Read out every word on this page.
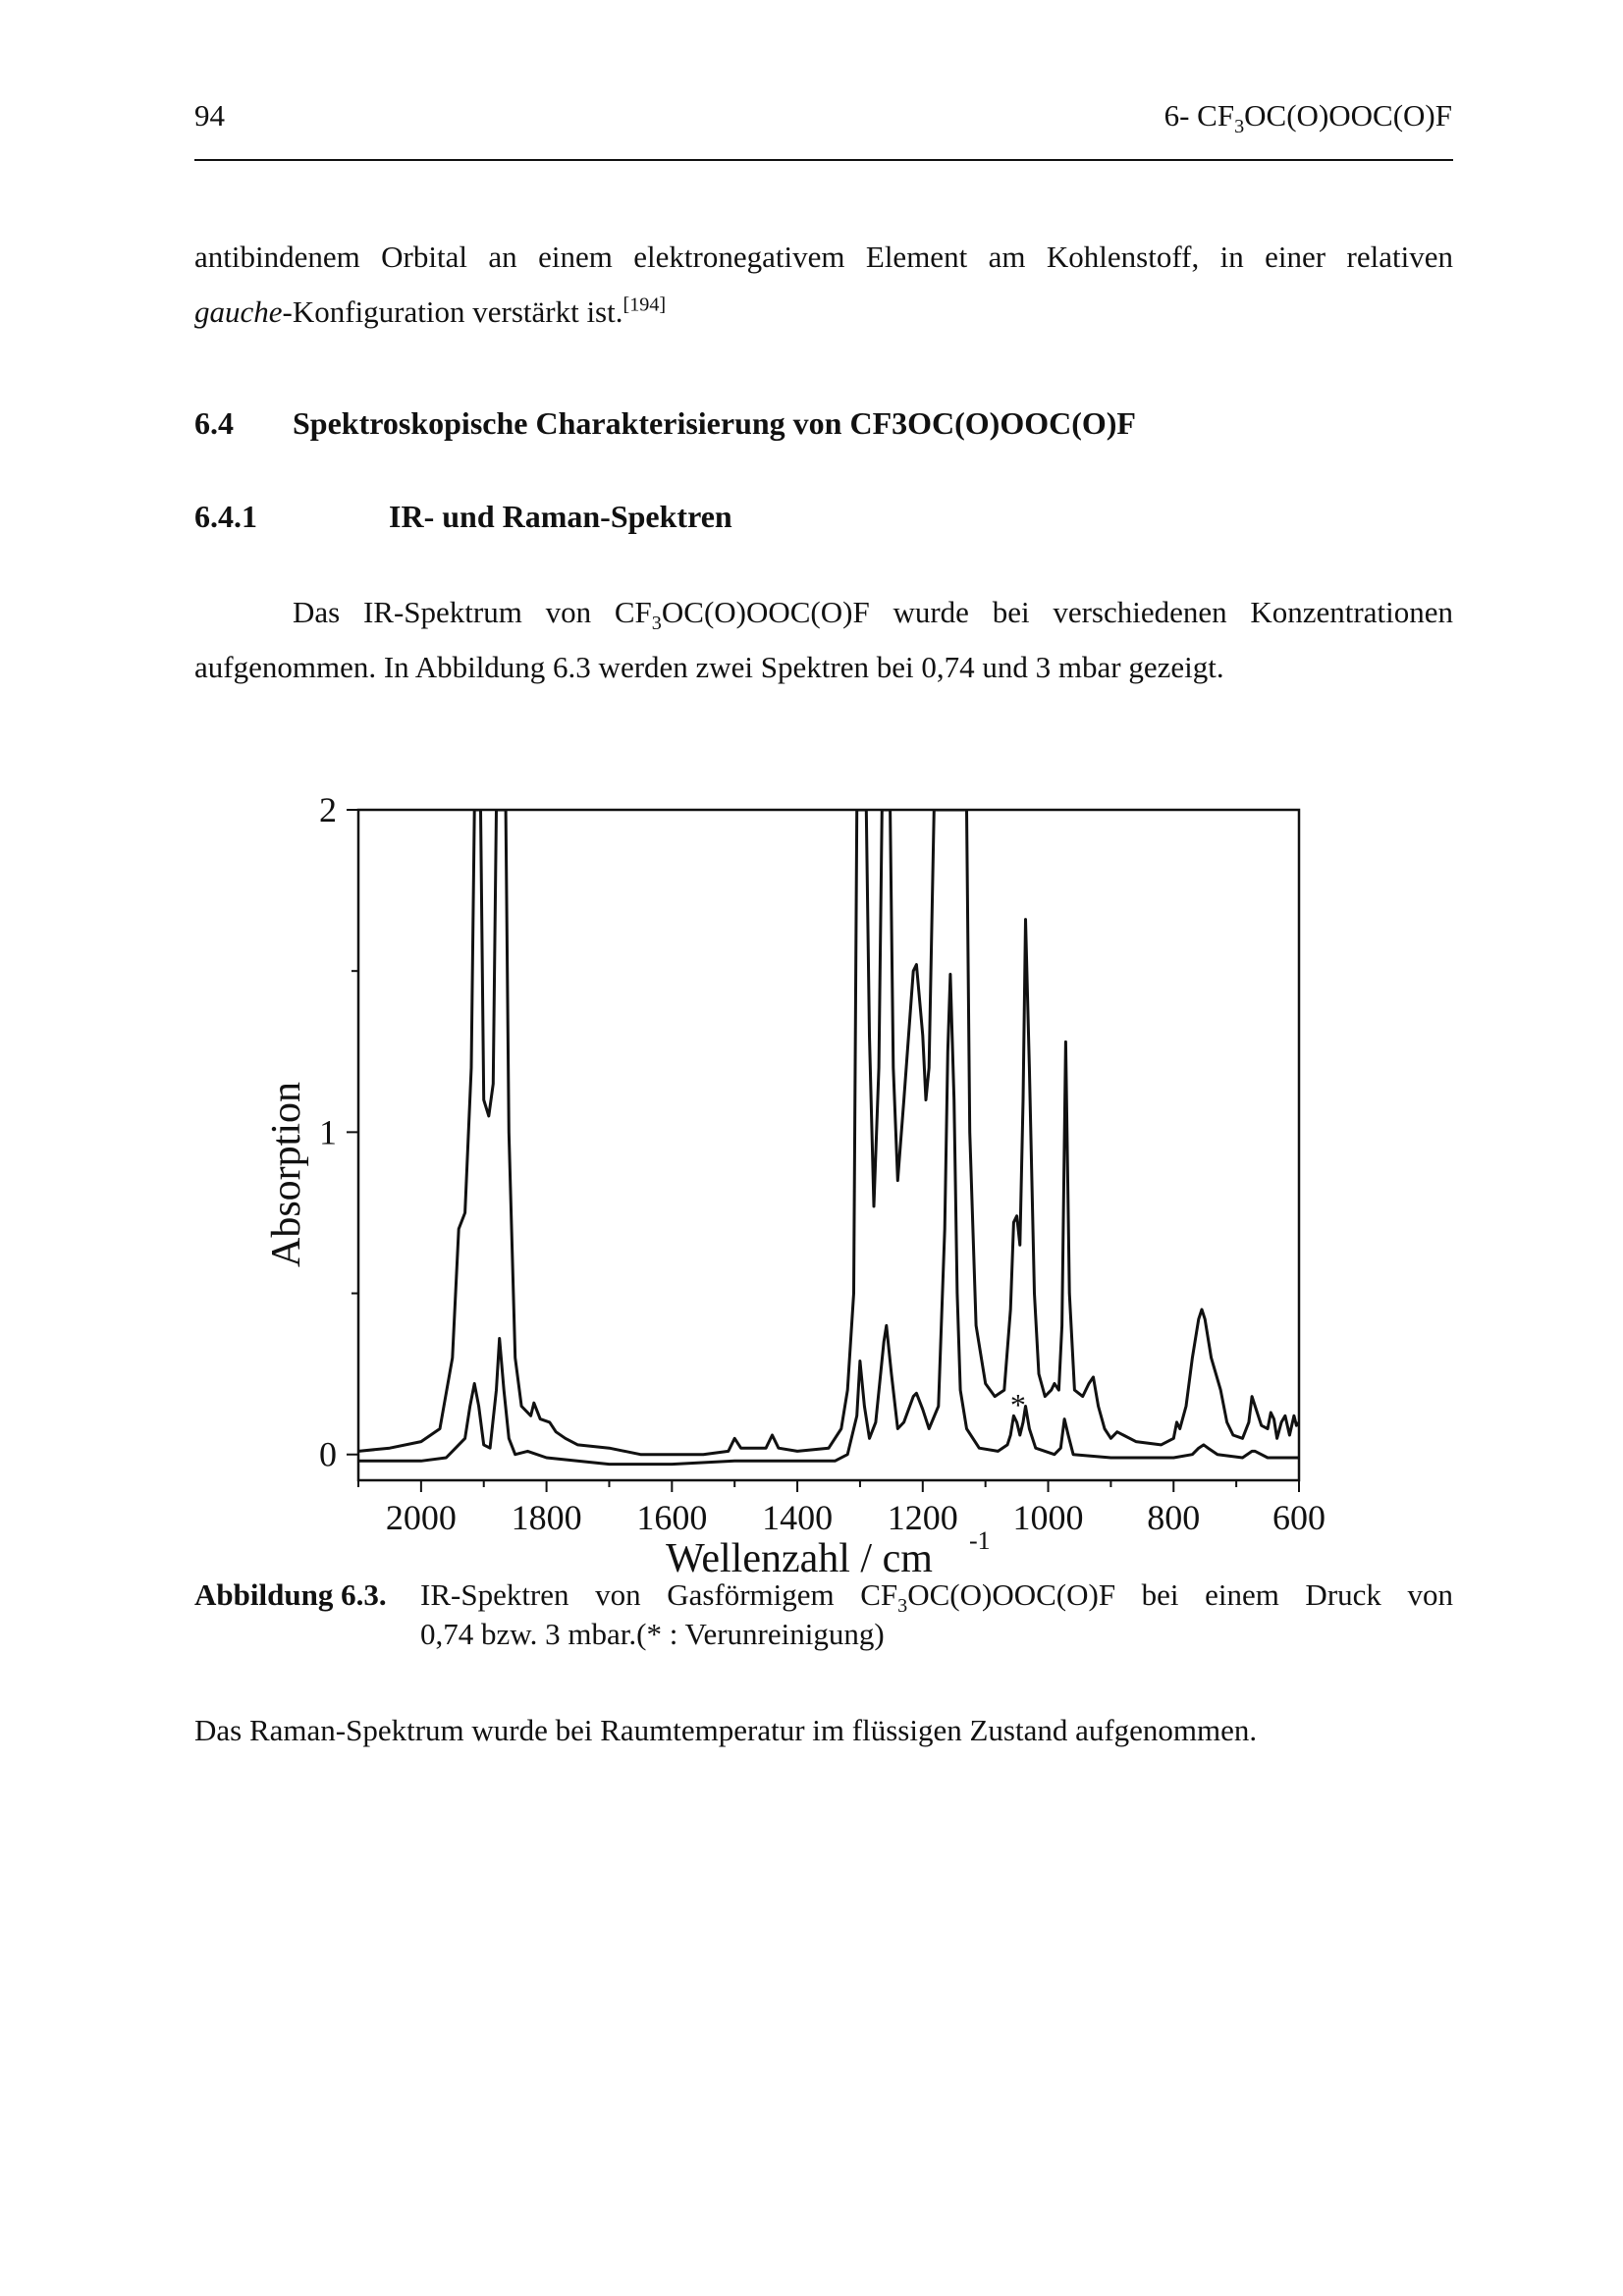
94	6- $CF_3OC(O)OOC(O)F$
antibindenem Orbital an einem elektronegativem Element am Kohlenstoff, in einer relativen
gauche-Konfiguration verstärkt ist.[194]
6.4 Spektroskopische Charakterisierung von CF3OC(O)OOC(O)F
6.4.1	IR- und Raman-Spektren
Das IR-Spektrum von $CF_3OC(O)OOC(O)F$ wurde bei verschiedenen Konzentrationen aufgenommen. In Abbildung 6.3 werden zwei Spektren bei 0,74 und 3 mbar gezeigt.
2000 1800 1600 1400 1200 1000 800 600
0
1
2
Wellenzahl / cm -1
Absorption
*
Abbildung 6.3. IR-Spektren von Gasförmigem $CF_3OC(O)OOC(O)F$ bei einem Druck von
0,74 bzw. 3 mbar.(* : Verunreinigung)
Das Raman-Spektrum wurde bei Raumtemperatur im flüssigen Zustand aufgenommen.
